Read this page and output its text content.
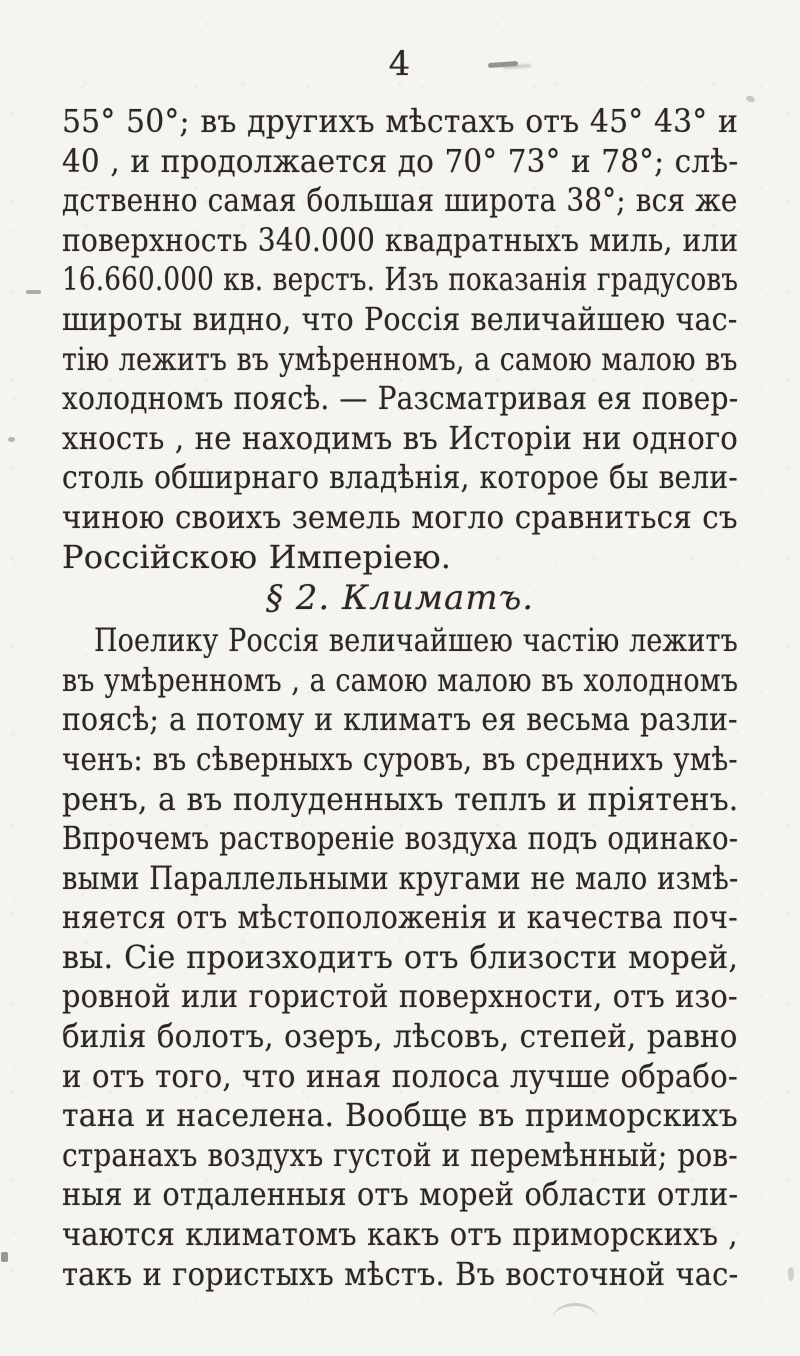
4
55° 50°; въ другихъ мѣстахъ отъ 45° 43° и
40 , и продолжается до 70° 73° и 78°; слѣ-
дственно самая большая широта 38°; вся же
поверхность 340.000 квадратныхъ миль, или
16.660.000 кв. верстъ. Изъ показанія градусовъ
широты видно, что Россія величайшею час-
тію лежитъ въ умѣренномъ, а самою малою въ
холодномъ поясѣ. — Разсматривая ея повер-
хность , не находимъ въ Исторіи ни одного
столь обширнаго владѣнія, которое бы вели-
чиною своихъ земель могло сравниться съ
Россійскою Имперіею.
§ 2. Климатъ.
Поелику Россія величайшею частію лежитъ
въ умѣренномъ , а самою малою въ холодномъ
поясѣ; а потому и климатъ ея весьма разли-
ченъ: въ сѣверныхъ суровъ, въ среднихъ умѣ-
ренъ, а въ полуденныхъ теплъ и пріятенъ.
Впрочемъ раствореніе воздуха подъ одинако-
выми Параллельными кругами не мало измѣ-
няется отъ мѣстоположенія и качества поч-
вы. Сіе произходитъ отъ близости морей,
ровной или гористой поверхности, отъ изо-
билія болотъ, озеръ, лѣсовъ, степей, равно
и отъ того, что иная полоса лучше обрабо-
тана и населена. Вообще въ приморскихъ
странахъ воздухъ густой и перемѣнный; ров-
ныя и отдаленныя отъ морей области отли-
чаются климатомъ какъ отъ приморскихъ ,
такъ и гористыхъ мѣстъ. Въ восточной час-
